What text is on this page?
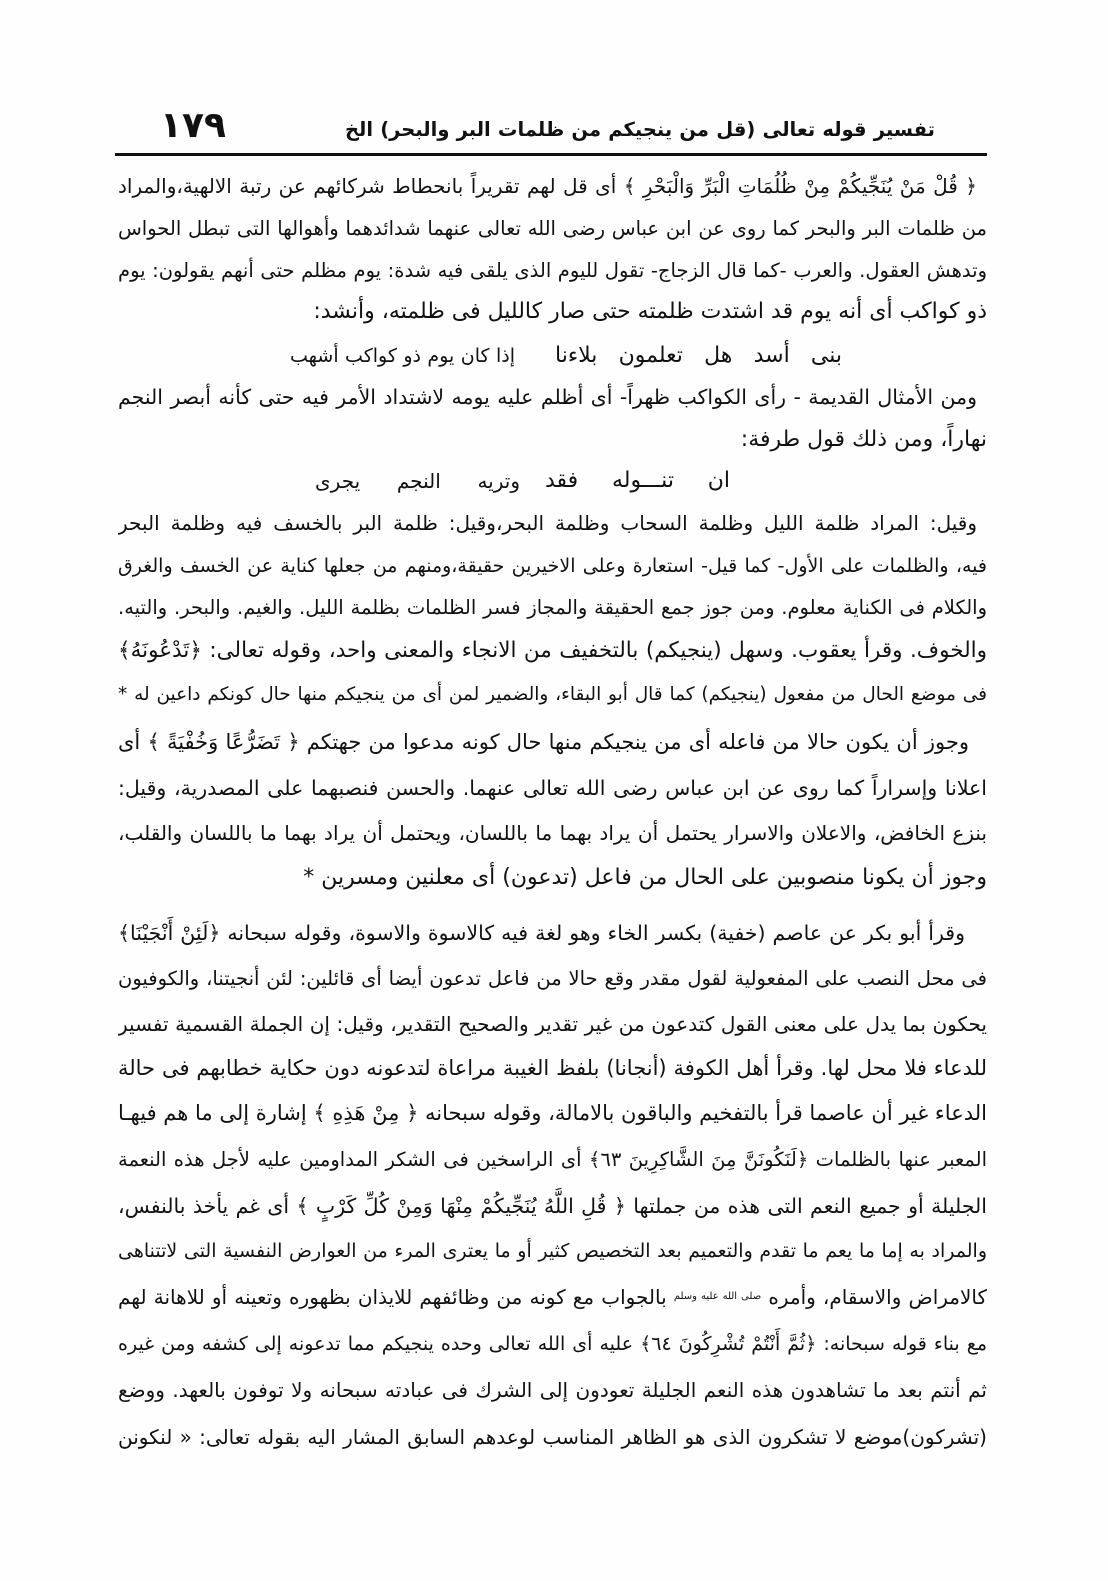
تفسير قوله تعالى (قل من ينجيكم من ظلمات البر والبحر) الخ
١٧٩
﴿ قُلْ مَنْ يُنَجِّيكُمْ مِنْ ظُلُمَاتِ الْبَرِّ وَالْبَحْرِ ﴾ أى قل لهم تقريراً بانحطاط شركائهم عن رتبة الالهية،والمراد
من ظلمات البر والبحر كما روى عن ابن عباس رضى الله تعالى عنهما شدائدهما وأهوالها التى تبطل الحواس
وتدهش العقول. والعرب -كما قال الزجاج- تقول لليوم الذى يلقى فيه شدة: يوم مظلم حتى أنهم يقولون: يوم
ذو كواكب أى أنه يوم قد اشتدت ظلمته حتى صار كالليل فى ظلمته، وأنشد:
بنى أسد هل تعلمون بلاءنا
إذا كان يوم ذو كواكب أشهب
ومن الأمثال القديمة - رأى الكواكب ظهراً- أى أظلم عليه يومه لاشتداد الأمر فيه حتى كأنه أبصر النجم
نهاراً، ومن ذلك قول طرفة:
ان تنـــوله فقد
وتريه النجم يجرى
وقيل: المراد ظلمة الليل وظلمة السحاب وظلمة البحر،وقيل: ظلمة البر بالخسف فيه وظلمة البحر
فيه، والظلمات على الأول- كما قيل- استعارة وعلى الاخيرين حقيقة،ومنهم من جعلها كناية عن الخسف والغرق
والكلام فى الكناية معلوم. ومن جوز جمع الحقيقة والمجاز فسر الظلمات بظلمة الليل. والغيم. والبحر. والتيه.
والخوف. وقرأ يعقوب. وسهل (ينجيكم) بالتخفيف من الانجاء والمعنى واحد، وقوله تعالى: ﴿تَدْعُونَهُ﴾
فى موضع الحال من مفعول (ينجيكم) كما قال أبو البقاء، والضمير لمن أى من ينجيكم منها حال كونكم داعين له *
وجوز أن يكون حالا من فاعله أى من ينجيكم منها حال كونه مدعوا من جهتكم ﴿ تَضَرُّعًا وَخُفْيَةً ﴾ أى
اعلانا وإسراراً كما روى عن ابن عباس رضى الله تعالى عنهما. والحسن فنصبهما على المصدرية، وقيل:
بنزع الخافض، والاعلان والاسرار يحتمل أن يراد بهما ما باللسان، ويحتمل أن يراد بهما ما باللسان والقلب،
وجوز أن يكونا منصوبين على الحال من فاعل (تدعون) أى معلنين ومسرين *
وقرأ أبو بكر عن عاصم (خفية) بكسر الخاء وهو لغة فيه كالاسوة والاسوة، وقوله سبحانه ﴿لَئِنْ أَنْجَيْنَا﴾
فى محل النصب على المفعولية لقول مقدر وقع حالا من فاعل تدعون أيضا أى قائلين: لئن أنجيتنا، والكوفيون
يحكون بما يدل على معنى القول كتدعون من غير تقدير والصحيح التقدير، وقيل: إن الجملة القسمية تفسير
للدعاء فلا محل لها. وقرأ أهل الكوفة (أنجانا) بلفظ الغيبة مراعاة لتدعونه دون حكاية خطابهم فى حالة
الدعاء غير أن عاصما قرأ بالتفخيم والباقون بالامالة، وقوله سبحانه ﴿ مِنْ هَذِهِ ﴾ إشارة إلى ما هم فيهـا
المعبر عنها بالظلمات ﴿لَنَكُونَنَّ مِنَ الشَّاكِرِينَ ٦٣﴾ أى الراسخين فى الشكر المداومين عليه لأجل هذه النعمة
الجليلة أو جميع النعم التى هذه من جملتها ﴿ قُلِ اللَّهُ يُنَجِّيكُمْ مِنْهَا وَمِنْ كُلِّ كَرْبٍ ﴾ أى غم يأخذ بالنفس،
والمراد به إما ما يعم ما تقدم والتعميم بعد التخصيص كثير أو ما يعترى المرء من العوارض النفسية التى لاتتناهى
كالامراض والاسقام، وأمره $^{صلى الله عليه وسلم}$ بالجواب مع كونه من وظائفهم للايذان بظهوره وتعينه أو للاهانة لهم
مع بناء قوله سبحانه: ﴿ثُمَّ أَنْتُمْ تُشْرِكُونَ ٦٤﴾ عليه أى الله تعالى وحده ينجيكم مما تدعونه إلى كشفه ومن غيره
ثم أنتم بعد ما تشاهدون هذه النعم الجليلة تعودون إلى الشرك فى عبادته سبحانه ولا توفون بالعهد. ووضع
(تشركون)موضع لا تشكرون الذى هو الظاهر المناسب لوعدهم السابق المشار اليه بقوله تعالى: « لنكونن
